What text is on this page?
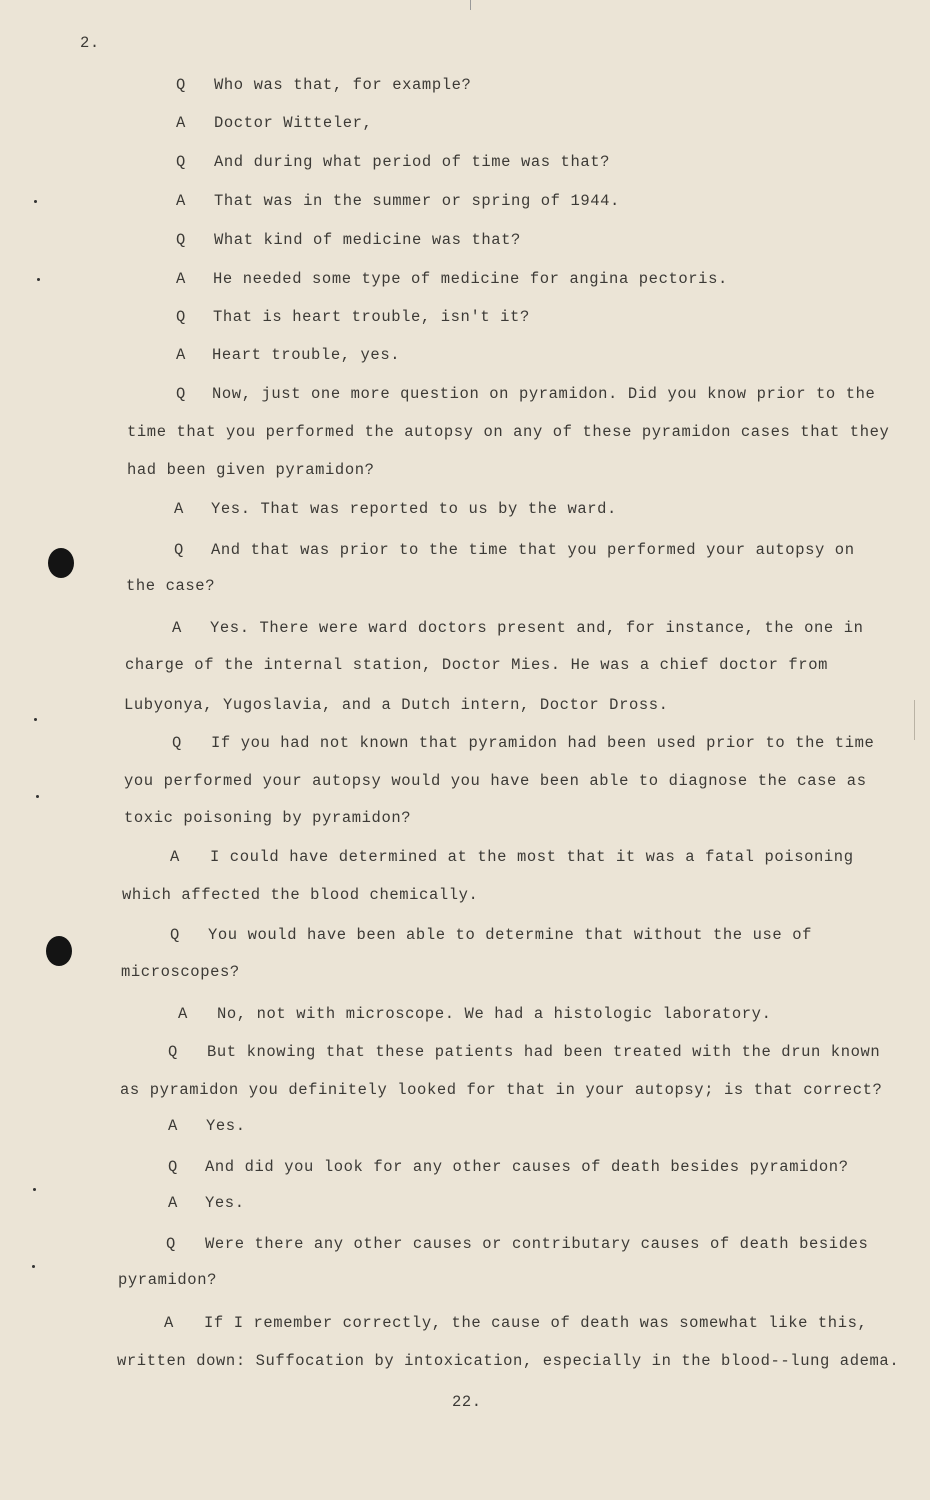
2.
Q Who was that, for example?
A Doctor Witteler,
Q And during what period of time was that?
A That was in the summer or spring of 1944.
Q What kind of medicine was that?
A He needed some type of medicine for angina pectoris.
Q That is heart trouble, isn't it?
A Heart trouble, yes.
Q Now, just one more question on pyramidon. Did you know prior to the
time that you performed the autopsy on any of these pyramidon cases that they
had been given pyramidon?
A Yes. That was reported to us by the ward.
Q And that was prior to the time that you performed your autopsy on
the case?
A Yes. There were ward doctors present and, for instance, the one in
charge of the internal station, Doctor Mies. He was a chief doctor from
Lubyonya, Yugoslavia, and a Dutch intern, Doctor Dross.
Q If you had not known that pyramidon had been used prior to the time
you performed your autopsy would you have been able to diagnose the case as
toxic poisoning by pyramidon?
A I could have determined at the most that it was a fatal poisoning
which affected the blood chemically.
Q You would have been able to determine that without the use of
microscopes?
A No, not with microscope. We had a histologic laboratory.
Q But knowing that these patients had been treated with the drun known
as pyramidon you definitely looked for that in your autopsy; is that correct?
A Yes.
Q And did you look for any other causes of death besides pyramidon?
A Yes.
Q Were there any other causes or contributary causes of death besides
pyramidon?
A If I remember correctly, the cause of death was somewhat like this,
written down: Suffocation by intoxication, especially in the blood--lung adema.
22.
